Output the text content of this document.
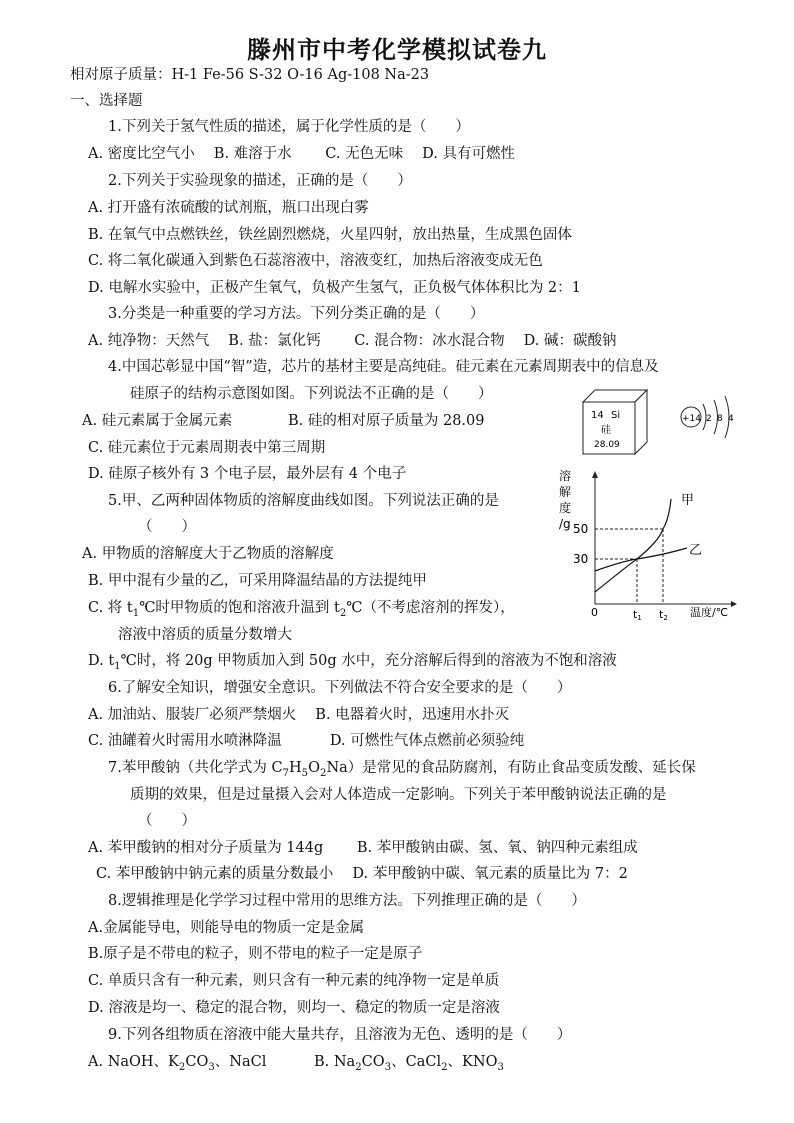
滕州市中考化学模拟试卷九
相对原子质量：H-1 Fe-56 S-32 O-16 Ag-108 Na-23
一、选择题
1.下列关于氢气性质的描述，属于化学性质的是（　　）
A. 密度比空气小　 B. 难溶于水　　 C. 无色无味　 D. 具有可燃性
2.下列关于实验现象的描述，正确的是（　　）
A. 打开盛有浓硫酸的试剂瓶，瓶口出现白雾
B. 在氧气中点燃铁丝，铁丝剧烈燃烧，火星四射，放出热量，生成黑色固体
C. 将二氧化碳通入到紫色石蕊溶液中，溶液变红，加热后溶液变成无色
D. 电解水实验中，正极产生氧气，负极产生氢气，正负极气体体积比为 2：1
3.分类是一种重要的学习方法。下列分类正确的是（　　）
A. 纯净物：天然气　 B. 盐：氯化钙　　 C. 混合物：冰水混合物　 D. 碱：碳酸钠
4.中国芯彰显中国“智”造，芯片的基材主要是高纯硅。硅元素在元素周期表中的信息及
硅原子的结构示意图如图。下列说法不正确的是（　　）
A. 硅元素属于金属元素	B. 硅的相对原子质量为 28.09
C. 硅元素位于元素周期表中第三周期
D. 硅原子核外有 3 个电子层，最外层有 4 个电子
14 Si
硅
28.09
+14 2 8 4
5.甲、乙两种固体物质的溶解度曲线如图。下列说法正确的是
（　　）
A. 甲物质的溶解度大于乙物质的溶解度
B. 甲中混有少量的乙，可采用降温结晶的方法提纯甲
C. 将 $t_1℃$时甲物质的饱和溶液升温到 $t_2℃$（不考虑溶剂的挥发），
溶液中溶质的质量分数增大
D. $t_1℃$时，将 20g 甲物质加入到 50g 水中，充分溶解后得到的溶液为不饱和溶液
溶
解
度
/g
0	温度/℃
30
50
t1 t2
甲
乙
6.了解安全知识，增强安全意识。下列做法不符合安全要求的是（　　）
A. 加油站、服装厂必须严禁烟火　 B. 电器着火时，迅速用水扑灭
C. 油罐着火时需用水喷淋降温　　　 D. 可燃性气体点燃前必须验纯
7.苯甲酸钠（共化学式为 $C_7H_5O_2Na$）是常见的食品防腐剂，有防止食品变质发酸、延长保
质期的效果，但是过量摄入会对人体造成一定影响。下列关于苯甲酸钠说法正确的是
（　　）
A. 苯甲酸钠的相对分子质量为 144g　　 B. 苯甲酸钠由碳、氢、氧、钠四种元素组成
C. 苯甲酸钠中钠元素的质量分数最小　 D. 苯甲酸钠中碳、氧元素的质量比为 7：2
8.逻辑推理是化学学习过程中常用的思维方法。下列推理正确的是（　　）
A.金属能导电，则能导电的物质一定是金属
B.原子是不带电的粒子，则不带电的粒子一定是原子
C. 单质只含有一种元素，则只含有一种元素的纯净物一定是单质
D. 溶液是均一、稳定的混合物，则均一、稳定的物质一定是溶液
9.下列各组物质在溶液中能大量共存，且溶液为无色、透明的是（　　）
A. NaOH、$K_2CO_3$、NaCl	B. $Na_2CO_3$、CaCl$_2$、$KNO_3$
